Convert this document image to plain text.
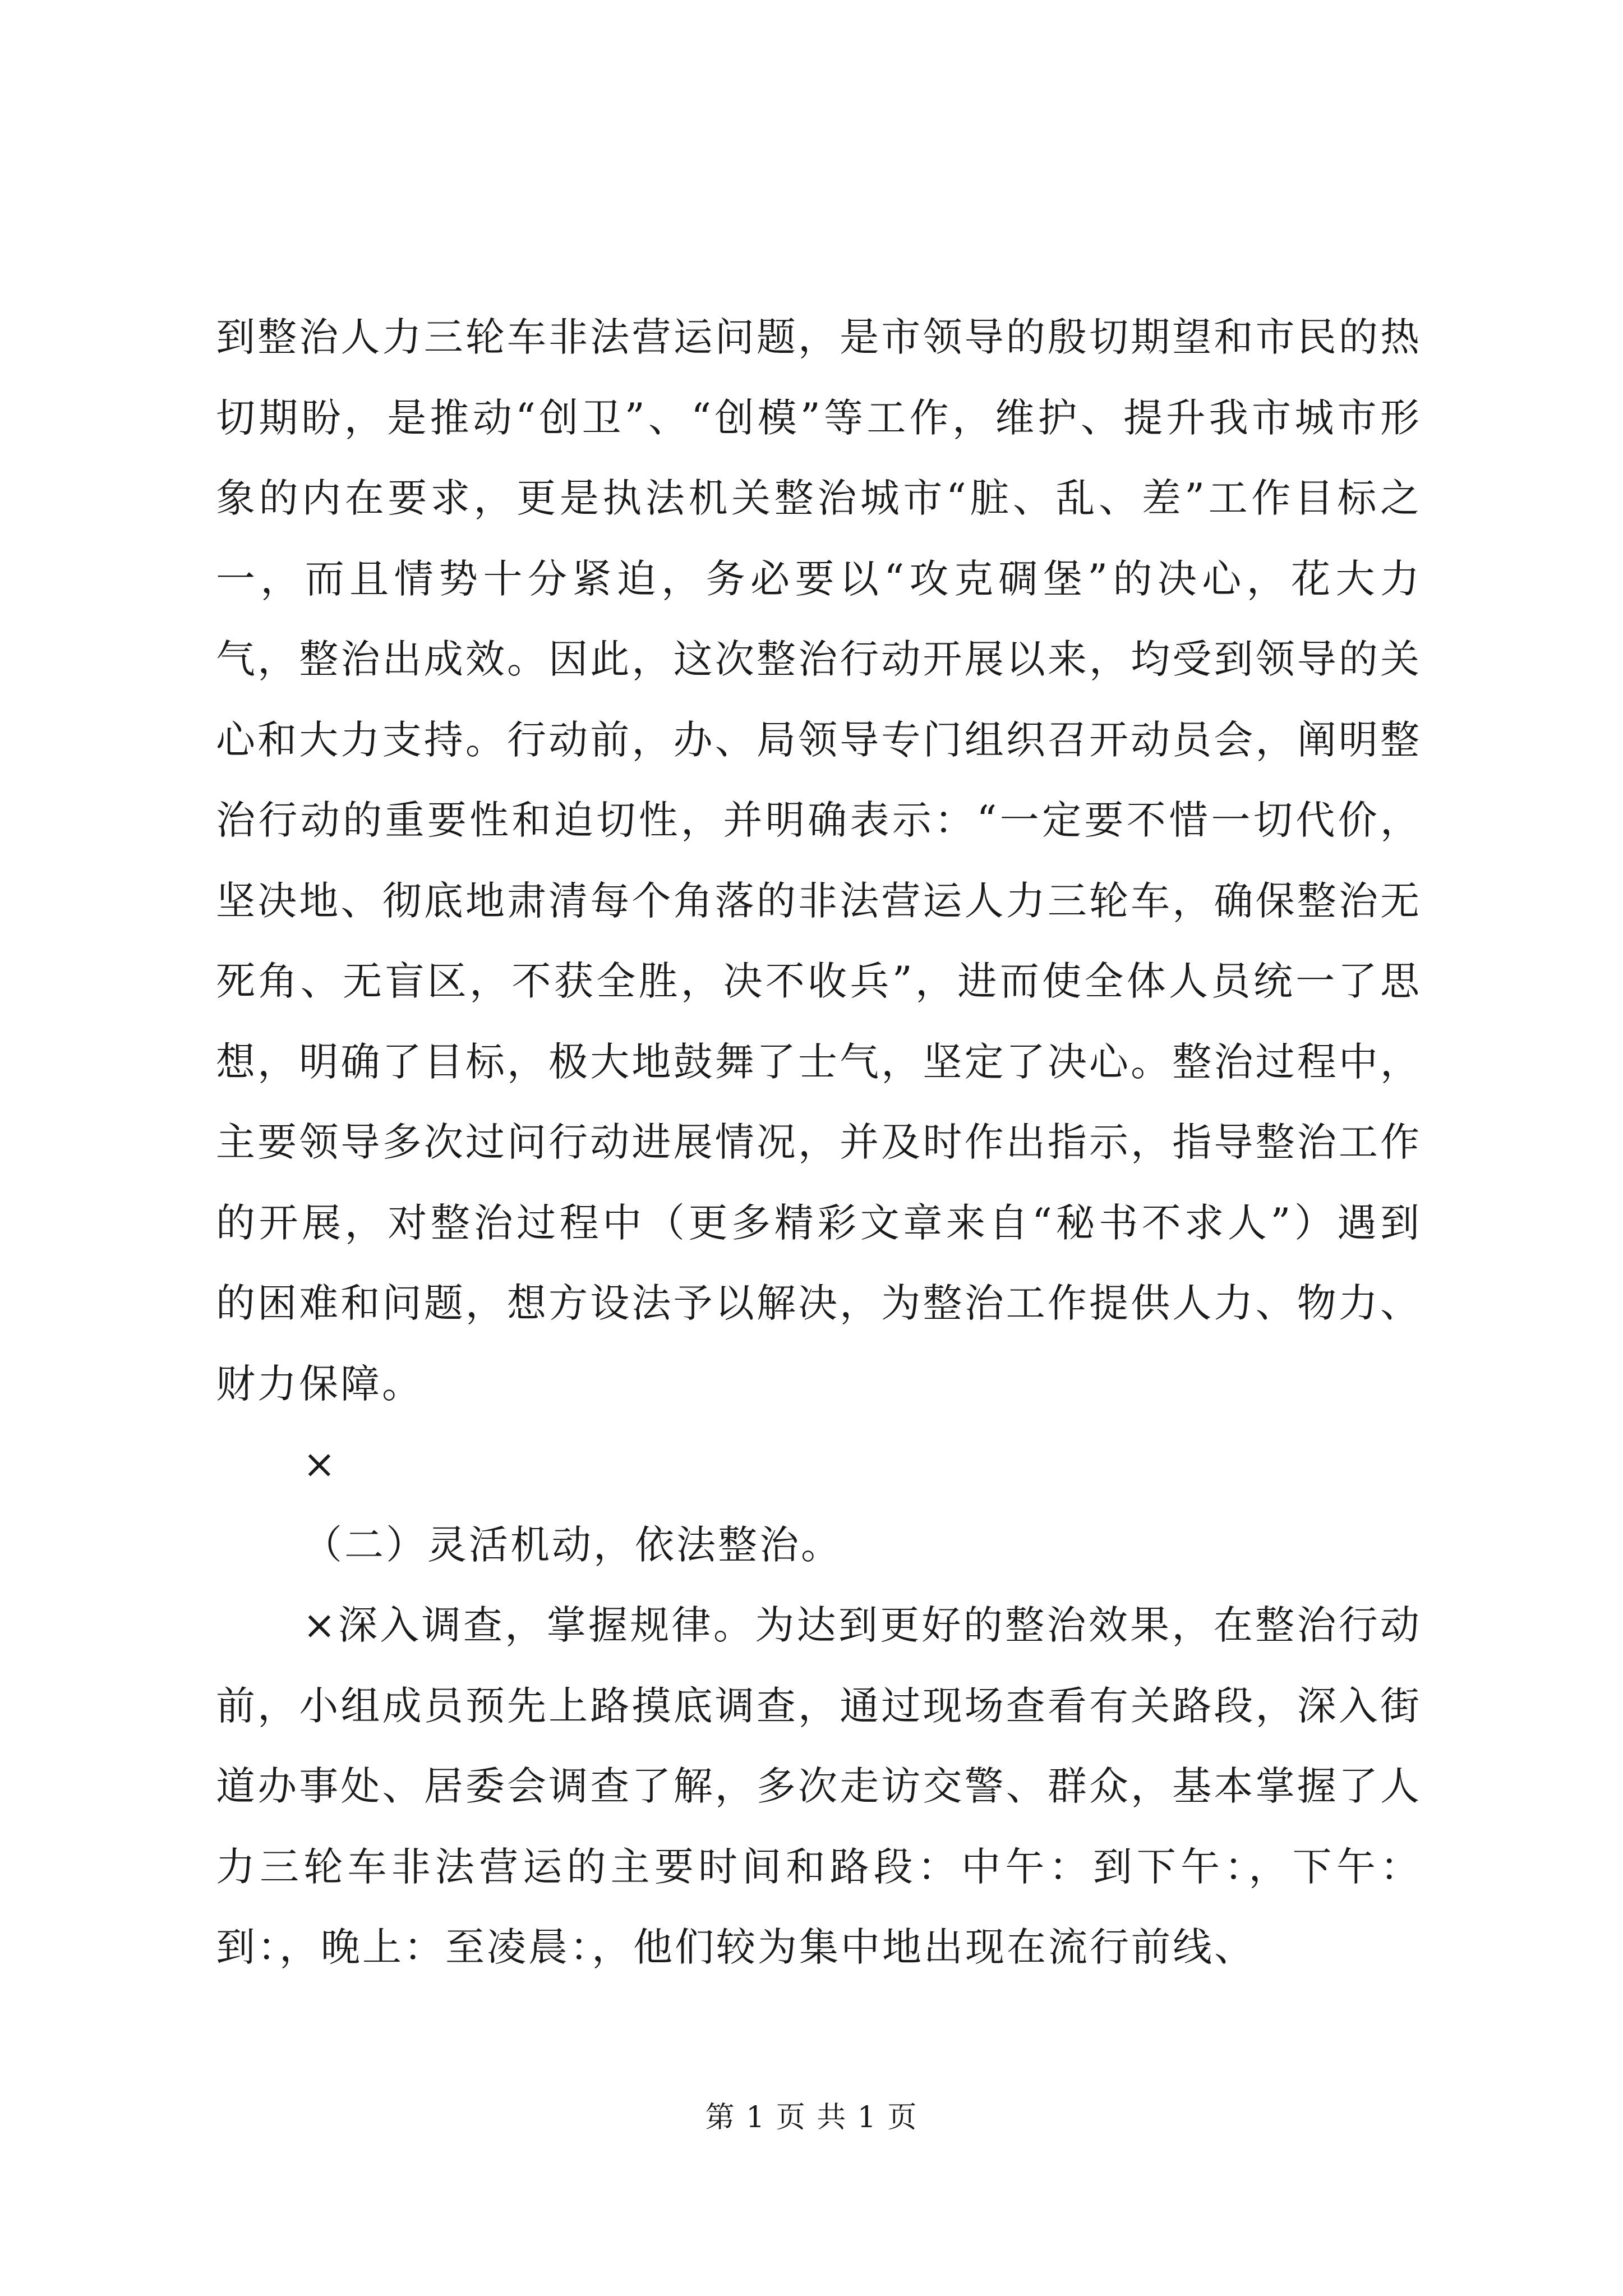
到整治人力三轮车非法营运问题，是市领导的殷切期望和市民的热切期盼，是推动“创卫”、“创模”等工作，维护、提升我市城市形象的内在要求，更是执法机关整治城市“脏、乱、差”工作目标之一，而且情势十分紧迫，务必要以“攻克碉堡”的决心，花大力气，整治出成效。因此，这次整治行动开展以来，均受到领导的关心和大力支持。行动前，办、局领导专门组织召开动员会，阐明整治行动的重要性和迫切性，并明确表示：“一定要不惜一切代价，坚决地、彻底地肃清每个角落的非法营运人力三轮车，确保整治无死角、无盲区，不获全胜，决不收兵”，进而使全体人员统一了思想，明确了目标，极大地鼓舞了士气，坚定了决心。整治过程中，主要领导多次过问行动进展情况，并及时作出指示，指导整治工作的开展，对整治过程中（更多精彩文章来自“秘书不求人”）遇到的困难和问题，想方设法予以解决，为整治工作提供人力、物力、财力保障。

×

（二）灵活机动，依法整治。

×深入调查，掌握规律。为达到更好的整治效果，在整治行动前，小组成员预先上路摸底调查，通过现场查看有关路段，深入街道办事处、居委会调查了解，多次走访交警、群众，基本掌握了人力三轮车非法营运的主要时间和路段：中午：到下午：，下午：到：，晚上：至凌晨：，他们较为集中地出现在流行前线、

第 1 页 共 1 页
